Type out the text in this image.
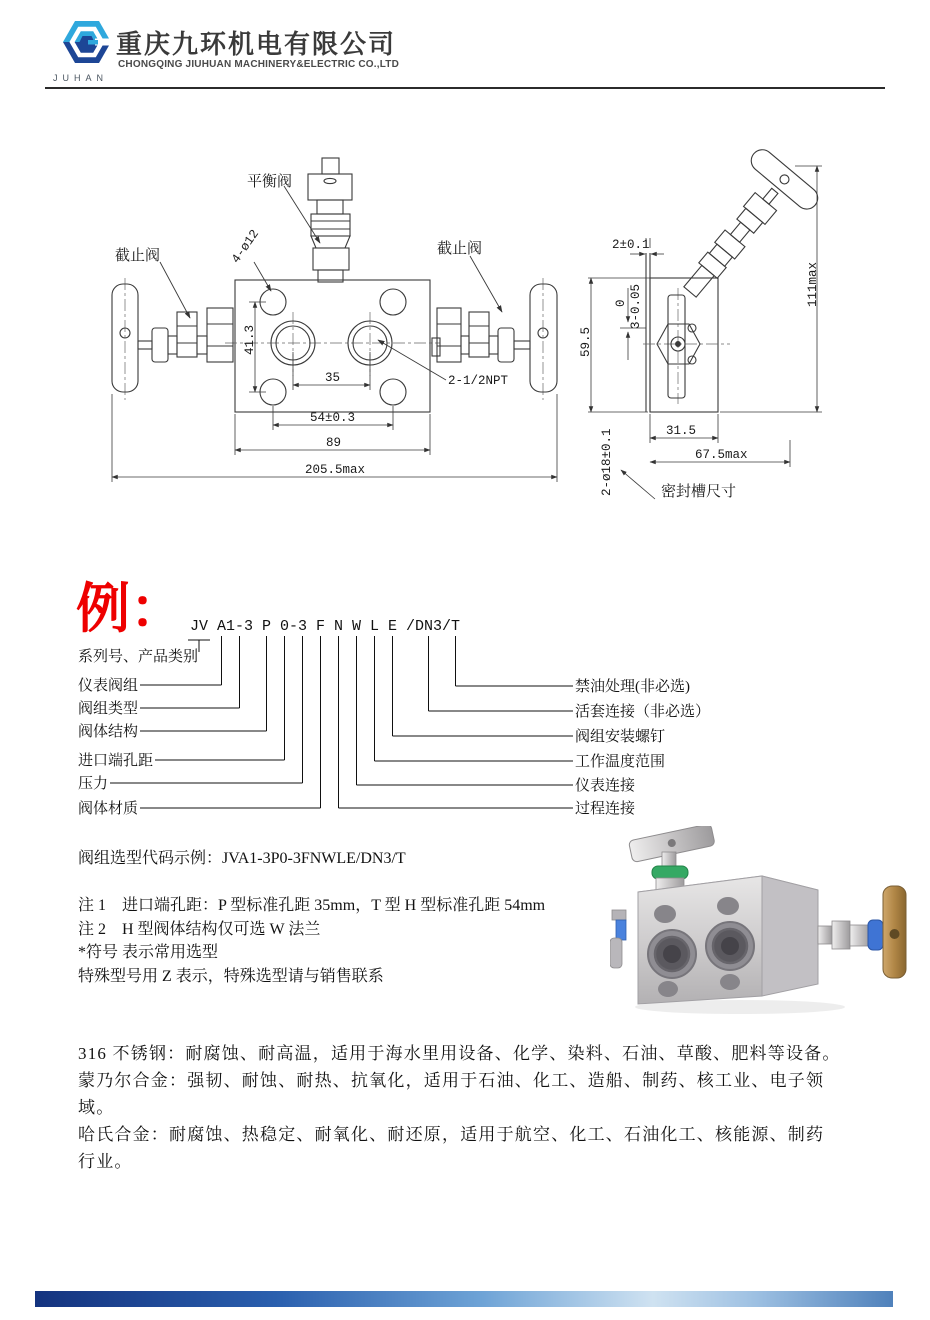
JUHAN
重庆九环机电有限公司
CHONGQING JIUHUAN MACHINERY&ELECTRIC CO.,LTD
平衡阀
截止阀	截止阀
4-ø12
2-1/2NPT
41.3
35
54±0.3
89
205.5max
2±0.1
111max
59.5
0 3-0.05
31.5
67.5max
2-ø18±0.1	密封槽尺寸
例： JV A1-3 P 0-3 F N W L E /DN3/T
系列号、产品类别
仪表阀组
阀组类型
阀体结构
进口端孔距
压力
阀体材质
禁油处理(非必选)
活套连接（非必选）
阀组安装螺钉
工作温度范围
仪表连接
过程连接
阀组选型代码示例：JVA1-3P0-3FNWLE/DN3/T
注 1　进口端孔距：P 型标准孔距 35mm，T 型 H 型标准孔距 54mm
注 2　H 型阀体结构仅可选 W 法兰
*符号 表示常用选型
特殊型号用 Z 表示，特殊选型请与销售联系
316 不锈钢：耐腐蚀、耐高温，适用于海水里用设备、化学、染料、石油、草酸、肥料等设备。
蒙乃尔合金：强韧、耐蚀、耐热、抗氧化，适用于石油、化工、造船、制药、核工业、电子领
域。
哈氏合金：耐腐蚀、热稳定、耐氧化、耐还原，适用于航空、化工、石油化工、核能源、制药
行业。
